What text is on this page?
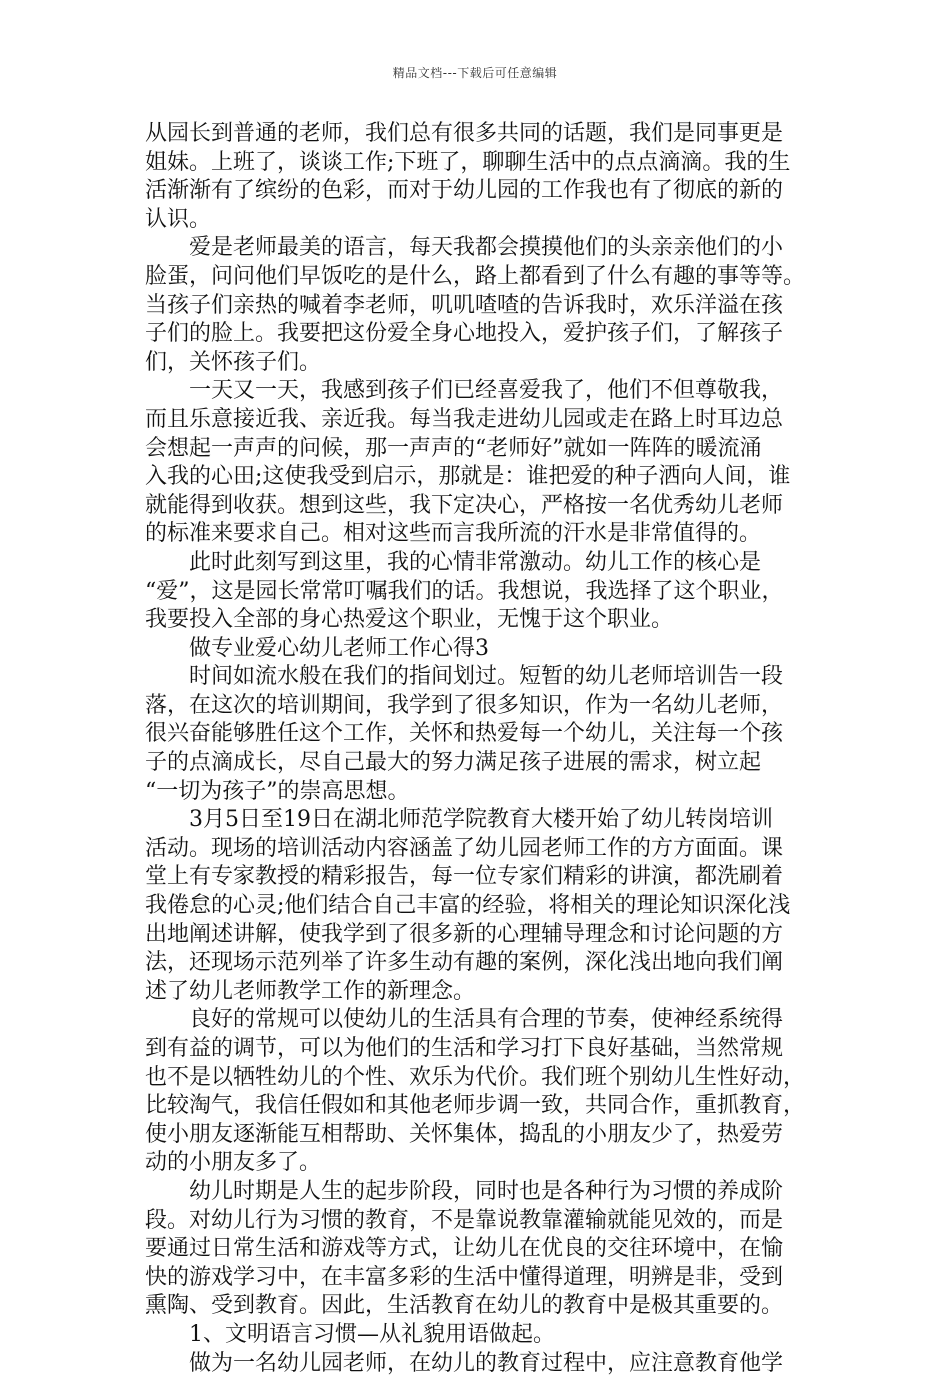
精品文档---下载后可任意编辑
从园长到普通的老师，我们总有很多共同的话题，我们是同事更是
姐妹。上班了，谈谈工作;下班了，聊聊生活中的点点滴滴。我的生
活渐渐有了缤纷的色彩，而对于幼儿园的工作我也有了彻底的新的
认识。
　　爱是老师最美的语言，每天我都会摸摸他们的头亲亲他们的小
脸蛋，问问他们早饭吃的是什么，路上都看到了什么有趣的事等等。
当孩子们亲热的喊着李老师，叽叽喳喳的告诉我时，欢乐洋溢在孩
子们的脸上。我要把这份爱全身心地投入，爱护孩子们，了解孩子
们，关怀孩子们。
　　一天又一天，我感到孩子们已经喜爱我了，他们不但尊敬我，
而且乐意接近我、亲近我。每当我走进幼儿园或走在路上时耳边总
会想起一声声的问候，那一声声的“老师好”就如一阵阵的暖流涌
入我的心田;这使我受到启示，那就是：谁把爱的种子洒向人间，谁
就能得到收获。想到这些，我下定决心，严格按一名优秀幼儿老师
的标准来要求自己。相对这些而言我所流的汗水是非常值得的。
　　此时此刻写到这里，我的心情非常激动。幼儿工作的核心是
“爱”，这是园长常常叮嘱我们的话。我想说，我选择了这个职业，
我要投入全部的身心热爱这个职业，无愧于这个职业。
　　做专业爱心幼儿老师工作心得3
　　时间如流水般在我们的指间划过。短暂的幼儿老师培训告一段
落，在这次的培训期间，我学到了很多知识，作为一名幼儿老师，
很兴奋能够胜任这个工作，关怀和热爱每一个幼儿，关注每一个孩
子的点滴成长，尽自己最大的努力满足孩子进展的需求，树立起
“一切为孩子”的崇高思想。
　　3月5日至19日在湖北师范学院教育大楼开始了幼儿转岗培训
活动。现场的培训活动内容涵盖了幼儿园老师工作的方方面面。课
堂上有专家教授的精彩报告，每一位专家们精彩的讲演，都洗刷着
我倦怠的心灵;他们结合自己丰富的经验，将相关的理论知识深化浅
出地阐述讲解，使我学到了很多新的心理辅导理念和讨论问题的方
法，还现场示范列举了许多生动有趣的案例，深化浅出地向我们阐
述了幼儿老师教学工作的新理念。
　　良好的常规可以使幼儿的生活具有合理的节奏，使神经系统得
到有益的调节，可以为他们的生活和学习打下良好基础，当然常规
也不是以牺牲幼儿的个性、欢乐为代价。我们班个别幼儿生性好动，
比较淘气，我信任假如和其他老师步调一致，共同合作，重抓教育，
使小朋友逐渐能互相帮助、关怀集体，捣乱的小朋友少了，热爱劳
动的小朋友多了。
　　幼儿时期是人生的起步阶段，同时也是各种行为习惯的养成阶
段。对幼儿行为习惯的教育，不是靠说教靠灌输就能见效的，而是
要通过日常生活和游戏等方式，让幼儿在优良的交往环境中，在愉
快的游戏学习中，在丰富多彩的生活中懂得道理，明辨是非，受到
熏陶、受到教育。因此，生活教育在幼儿的教育中是极其重要的。
　　1、文明语言习惯—从礼貌用语做起。
　　做为一名幼儿园老师，在幼儿的教育过程中，应注意教育他学
